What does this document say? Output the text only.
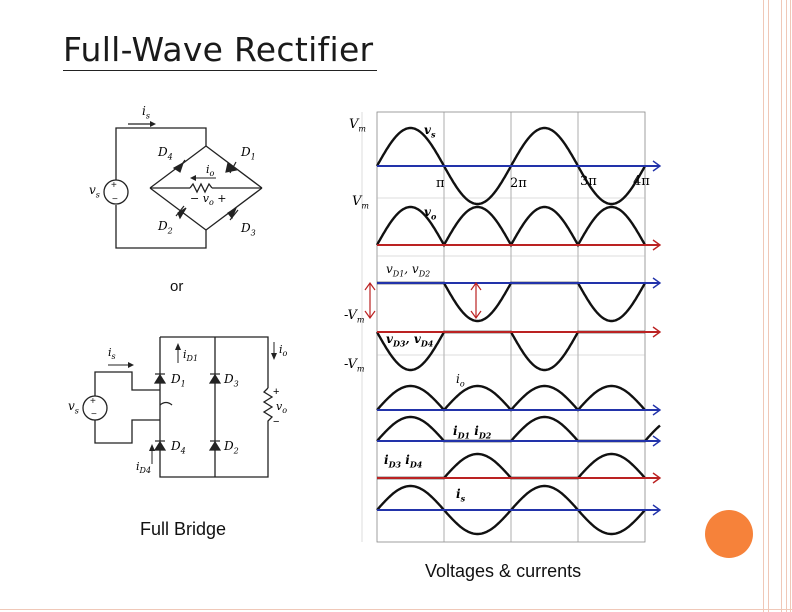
Full-Wave Rectifier
+
−
$i_s$
$v_s$
$D_4$	$D_1$
$D_2$	$D_3$
$i_o$
− $v_o$ +
or
+
−
$i_s$	$i_{D1}$
$i_o$
$v_s$
$D_1$	$D_3$
$D_4$	$D_2$
+
$v_o$
−
$i_{D4}$
Full Bridge
$V_m$	$v_s$
π	2π	3π	4π
$V_m$	$v_o$
$v_{D1}$, $v_{D2}$
$-V_m$
$v_{D3}$, $v_{D4}$
$-V_m$
$i_o$
$i_{D1}$ $i_{D2}$
$i_{D3}$ $i_{D4}$
$i_s$
Voltages & currents
